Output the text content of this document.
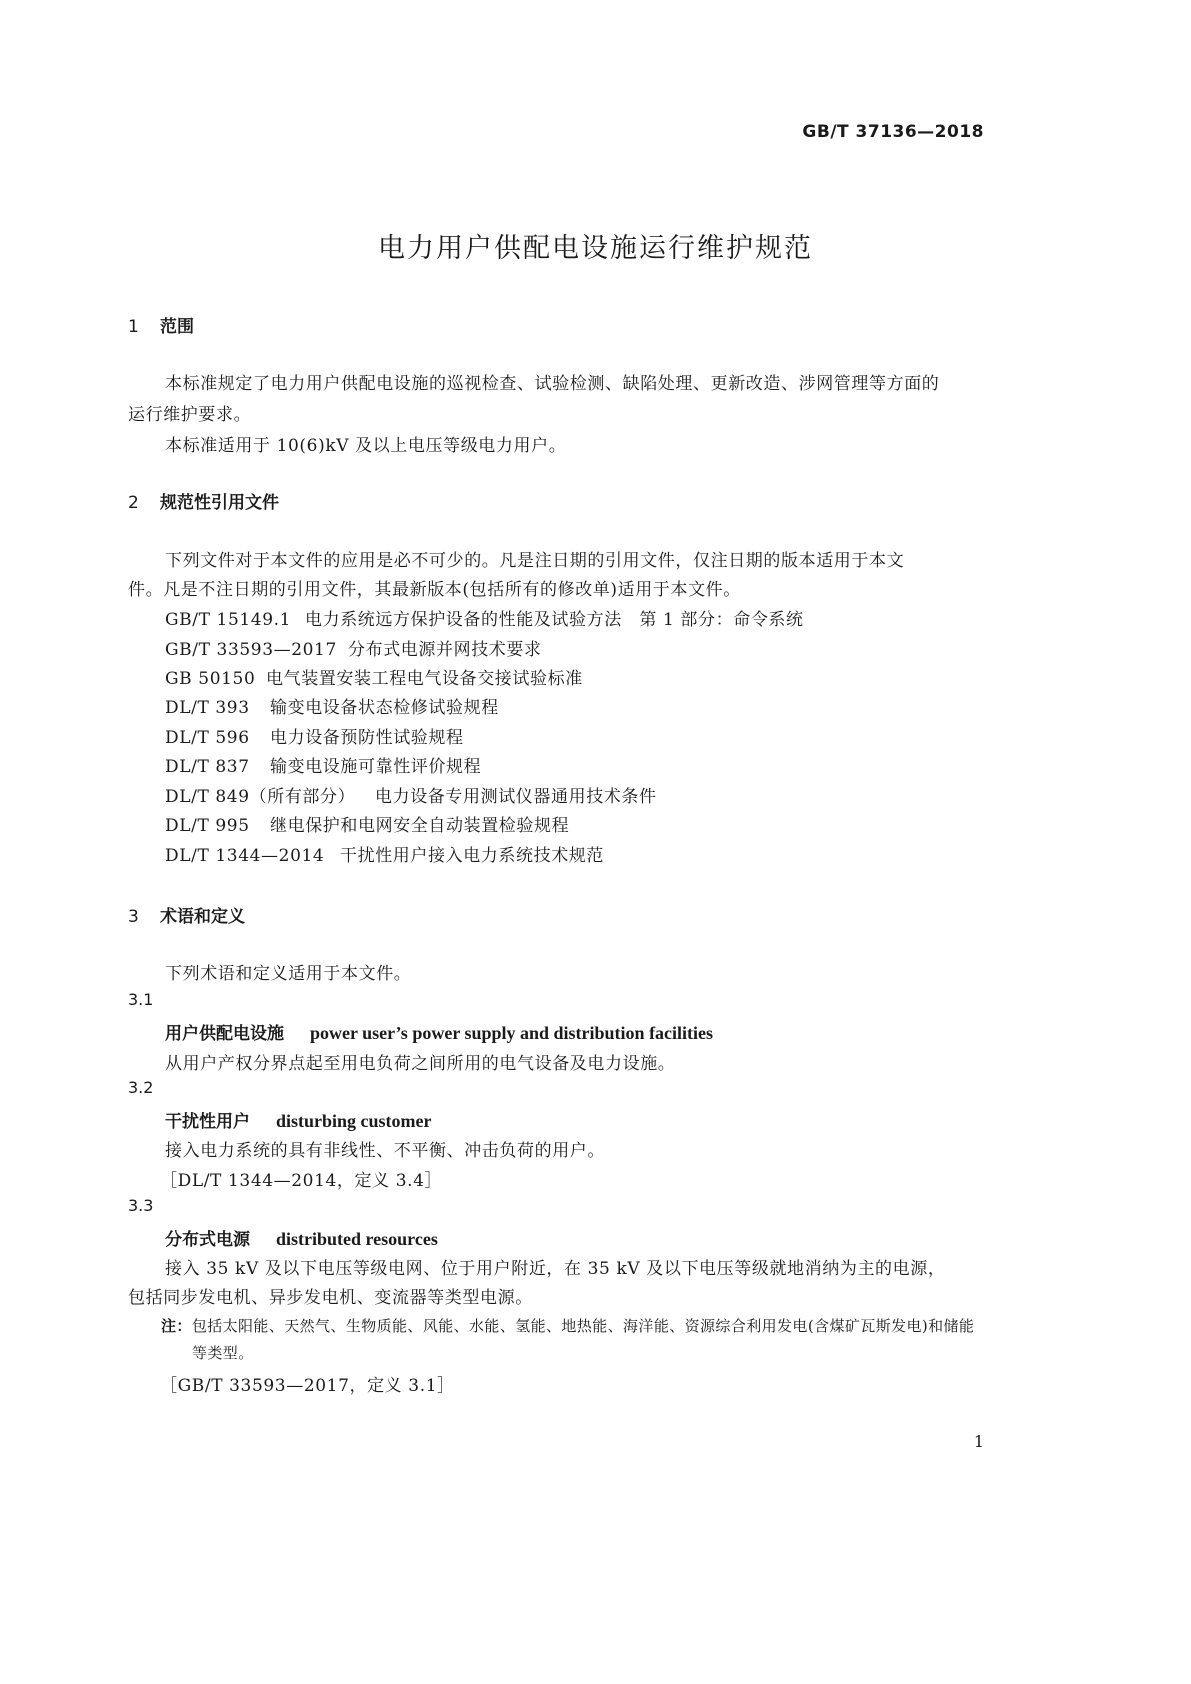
GB/T 37136—2018
电力用户供配电设施运行维护规范
1 范围
本标准规定了电力用户供配电设施的巡视检查、试验检测、缺陷处理、更新改造、涉网管理等方面的
运行维护要求。
本标准适用于 10(6)kV 及以上电压等级电力用户。
2 规范性引用文件
下列文件对于本文件的应用是必不可少的。凡是注日期的引用文件，仅注日期的版本适用于本文
件。凡是不注日期的引用文件，其最新版本(包括所有的修改单)适用于本文件。
GB/T 15149.1 电力系统远方保护设备的性能及试验方法　第 1 部分：命令系统
GB/T 33593—2017 分布式电源并网技术要求
GB 50150 电气装置安装工程电气设备交接试验标准
DL/T 393 输变电设备状态检修试验规程
DL/T 596 电力设备预防性试验规程
DL/T 837 输变电设施可靠性评价规程
DL/T 849（所有部分） 电力设备专用测试仪器通用技术条件
DL/T 995 继电保护和电网安全自动装置检验规程
DL/T 1344—2014 干扰性用户接入电力系统技术规范
3 术语和定义
下列术语和定义适用于本文件。
3.1
用户供配电设施 power user’s power supply and distribution facilities
从用户产权分界点起至用电负荷之间所用的电气设备及电力设施。
3.2
干扰性用户 disturbing customer
接入电力系统的具有非线性、不平衡、冲击负荷的用户。
［DL/T 1344—2014，定义 3.4］
3.3
分布式电源 distributed resources
接入 35 kV 及以下电压等级电网、位于用户附近，在 35 kV 及以下电压等级就地消纳为主的电源，
包括同步发电机、异步发电机、变流器等类型电源。
注：包括太阳能、天然气、生物质能、风能、水能、氢能、地热能、海洋能、资源综合利用发电(含煤矿瓦斯发电)和储能
等类型。
［GB/T 33593—2017，定义 3.1］
1
